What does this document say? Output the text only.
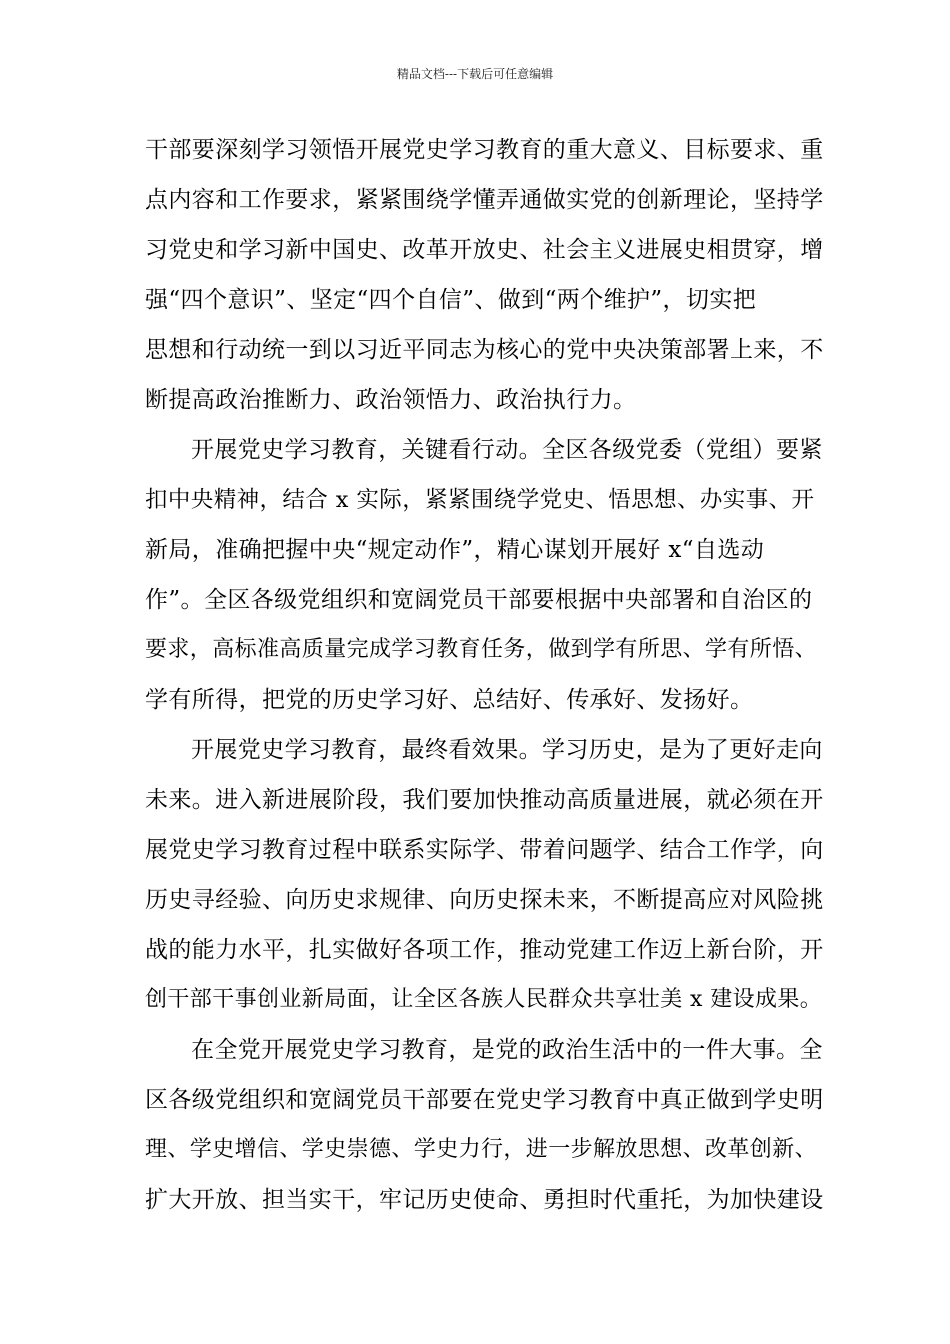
精品文档---下载后可任意编辑
干部要深刻学习领悟开展党史学习教育的重大意义、目标要求、重
点内容和工作要求，紧紧围绕学懂弄通做实党的创新理论，坚持学
习党史和学习新中国史、改革开放史、社会主义进展史相贯穿，增
强“四个意识”、坚定“四个自信”、做到“两个维护”，切实把
思想和行动统一到以习近平同志为核心的党中央决策部署上来，不
断提高政治推断力、政治领悟力、政治执行力。
开展党史学习教育，关键看行动。全区各级党委（党组）要紧
扣中央精神，结合 x 实际，紧紧围绕学党史、悟思想、办实事、开
新局，准确把握中央“规定动作”，精心谋划开展好 x“自选动
作”。全区各级党组织和宽阔党员干部要根据中央部署和自治区的
要求，高标准高质量完成学习教育任务，做到学有所思、学有所悟、
学有所得，把党的历史学习好、总结好、传承好、发扬好。
开展党史学习教育，最终看效果。学习历史，是为了更好走向
未来。进入新进展阶段，我们要加快推动高质量进展，就必须在开
展党史学习教育过程中联系实际学、带着问题学、结合工作学，向
历史寻经验、向历史求规律、向历史探未来，不断提高应对风险挑
战的能力水平，扎实做好各项工作，推动党建工作迈上新台阶，开
创干部干事创业新局面，让全区各族人民群众共享壮美 x 建设成果。
在全党开展党史学习教育，是党的政治生活中的一件大事。全
区各级党组织和宽阔党员干部要在党史学习教育中真正做到学史明
理、学史增信、学史崇德、学史力行，进一步解放思想、改革创新、
扩大开放、担当实干，牢记历史使命、勇担时代重托，为加快建设
